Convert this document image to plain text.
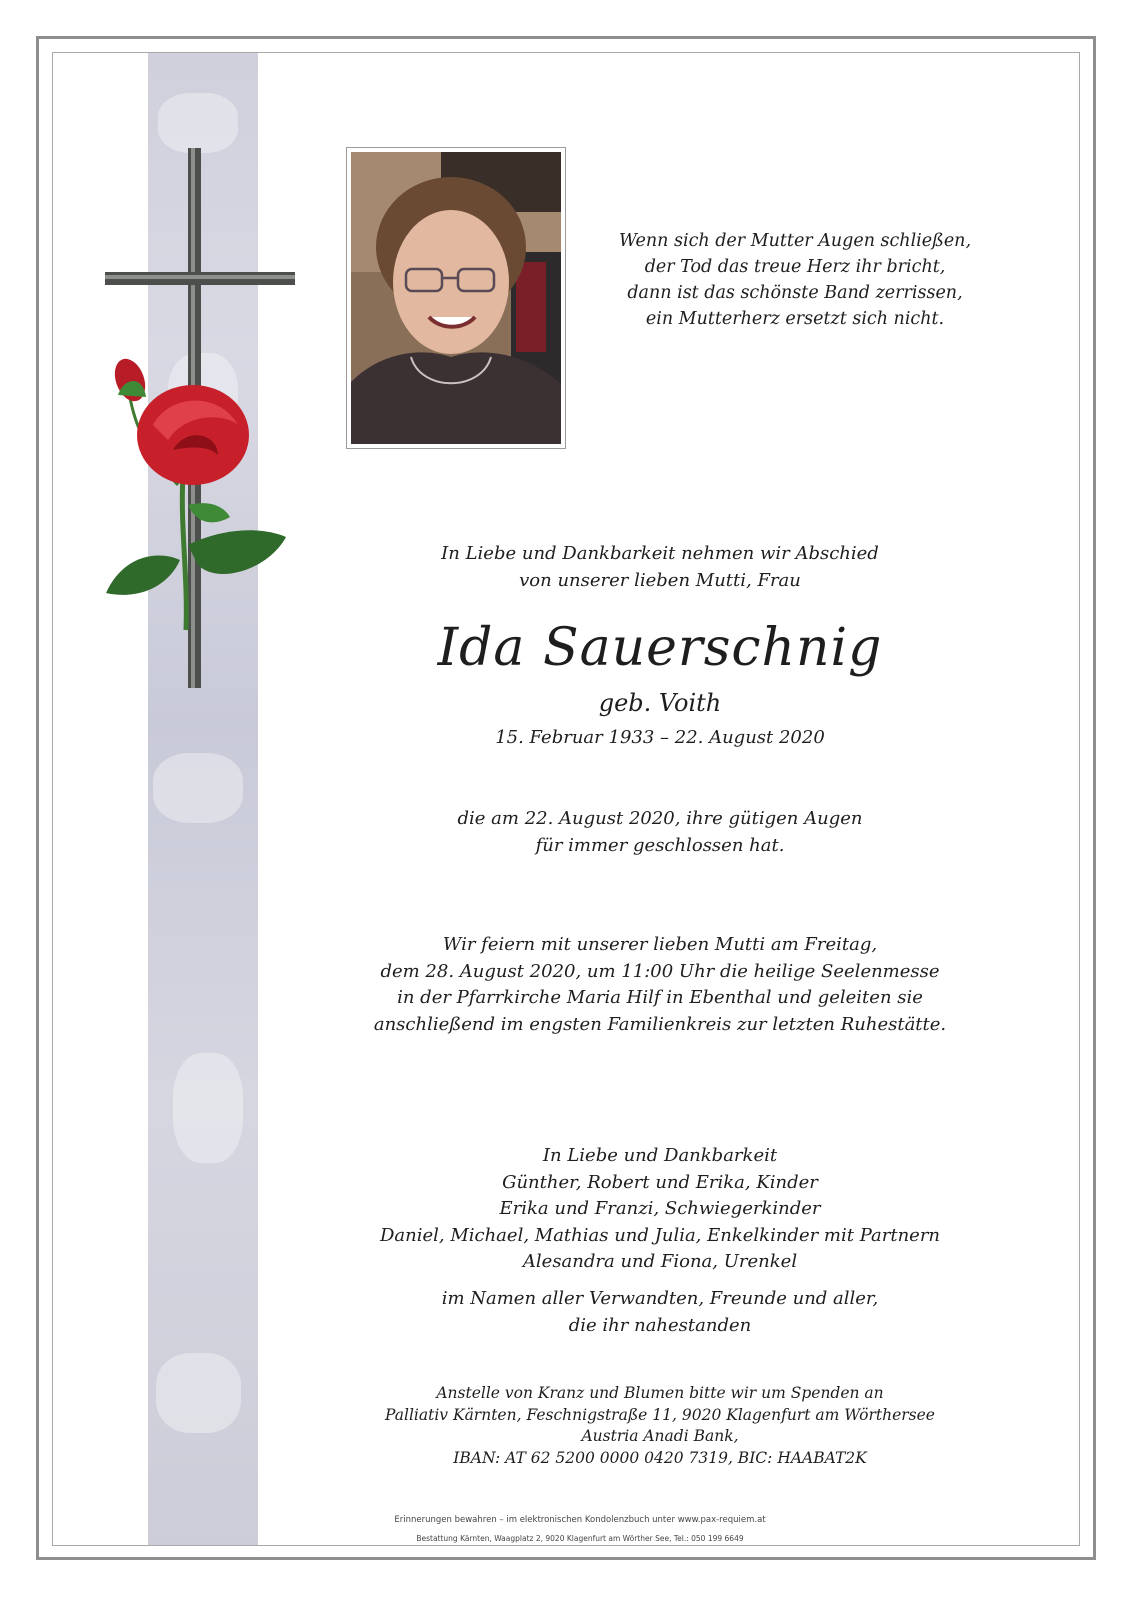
Wenn sich der Mutter Augen schließen,
der Tod das treue Herz ihr bricht,
dann ist das schönste Band zerrissen,
ein Mutterherz ersetzt sich nicht.
In Liebe und Dankbarkeit nehmen wir Abschied
von unserer lieben Mutti, Frau
Ida Sauerschnig
geb. Voith
15. Februar 1933 – 22. August 2020
die am 22. August 2020, ihre gütigen Augen
für immer geschlossen hat.
Wir feiern mit unserer lieben Mutti am Freitag,
dem 28. August 2020, um 11:00 Uhr die heilige Seelenmesse
in der Pfarrkirche Maria Hilf in Ebenthal und geleiten sie
anschließend im engsten Familienkreis zur letzten Ruhestätte.
In Liebe und Dankbarkeit
Günther, Robert und Erika, Kinder
Erika und Franzi, Schwiegerkinder
Daniel, Michael, Mathias und Julia, Enkelkinder mit Partnern
Alesandra und Fiona, Urenkel
im Namen aller Verwandten, Freunde und aller,
die ihr nahestanden
Anstelle von Kranz und Blumen bitte wir um Spenden an
Palliativ Kärnten, Feschnigstraße 11, 9020 Klagenfurt am Wörthersee
Austria Anadi Bank,
IBAN: AT 62 5200 0000 0420 7319, BIC: HAABAT2K
Erinnerungen bewahren – im elektronischen Kondolenzbuch unter www.pax-requiem.at
Bestattung Kärnten, Waagplatz 2, 9020 Klagenfurt am Wörther See, Tel.: 050 199 6649
